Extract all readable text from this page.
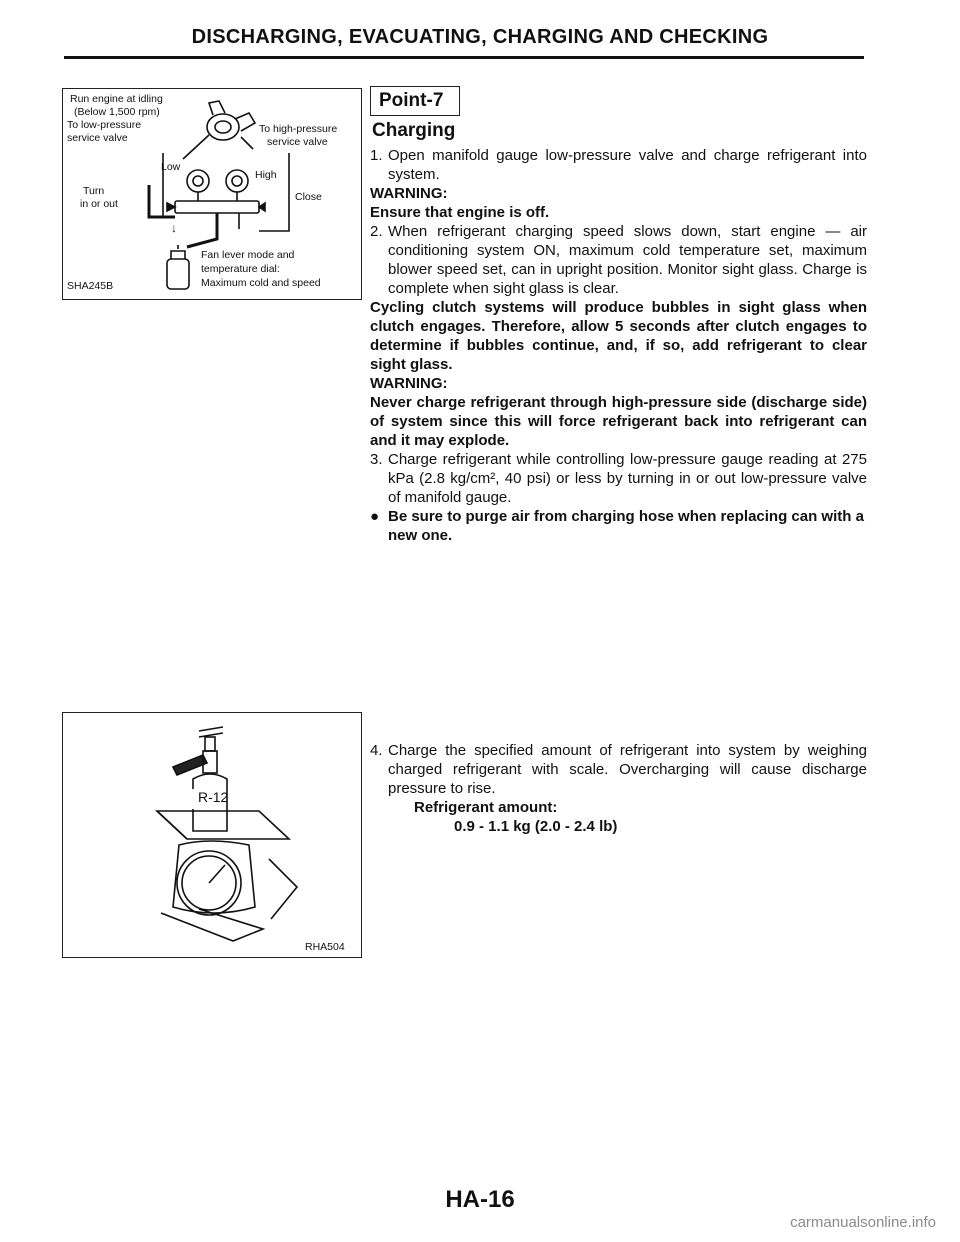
DISCHARGING, EVACUATING, CHARGING AND CHECKING
↓
Run engine at idling
(Below 1,500 rpm)
To low-pressure
service valve
To high-pressure
service valve
Low
High
Turn
in or out
Close
Fan lever mode and
temperature dial:
Maximum cold and speed
SHA245B
R-12
RHA504
Point-7
Charging
1. Open manifold gauge low-pressure valve and charge refrigerant into system.

WARNING:

Ensure that engine is off.

2. When refrigerant charging speed slows down, start engine — air conditioning system ON, maximum cold temperature set, maximum blower speed set, can in upright position. Monitor sight glass. Charge is complete when sight glass is clear.

Cycling clutch systems will produce bubbles in sight glass when clutch engages. Therefore, allow 5 seconds after clutch engages to determine if bubbles continue, and, if so, add refrigerant to clear sight glass.

WARNING:

Never charge refrigerant through high-pressure side (discharge side) of system since this will force refrigerant back into refrigerant can and it may explode.

3. Charge refrigerant while controlling low-pressure gauge reading at 275 kPa (2.8 kg/cm², 40 psi) or less by turning in or out low-pressure valve of manifold gauge.
● Be sure to purge air from charging hose when replacing can with a new one.
4. Charge the specified amount of refrigerant into system by weighing charged refrigerant with scale. Overcharging will cause discharge pressure to rise.

Refrigerant amount:

0.9 - 1.1 kg (2.0 - 2.4 lb)

HA-16
carmanualsonline.info
